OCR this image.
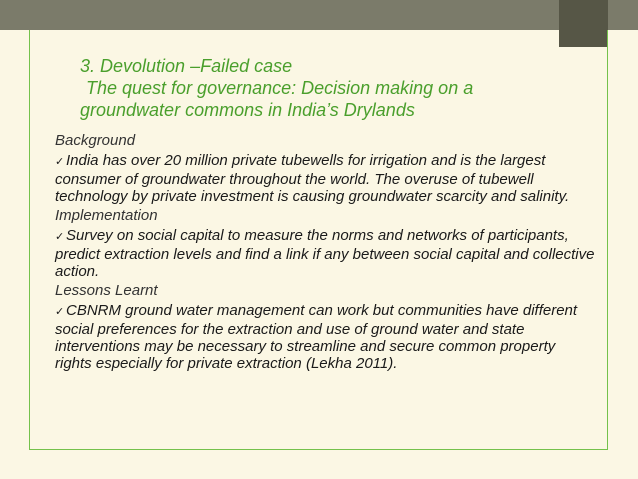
3. Devolution –Failed case
The quest for governance: Decision making on a
groundwater commons in India’s Drylands
Background
✓ India has over 20 million private tubewells for irrigation and is the largest consumer of groundwater throughout the world. The overuse of tubewell technology by private investment is causing groundwater scarcity and salinity.
Implementation
✓ Survey on social capital to measure the norms and networks of participants, predict extraction levels and find a link if any between social capital and collective action.
Lessons Learnt
✓ CBNRM ground water management can work but communities have different social preferences for the extraction and use of ground water and state interventions may be necessary to streamline and secure common property rights especially for private extraction (Lekha 2011).
